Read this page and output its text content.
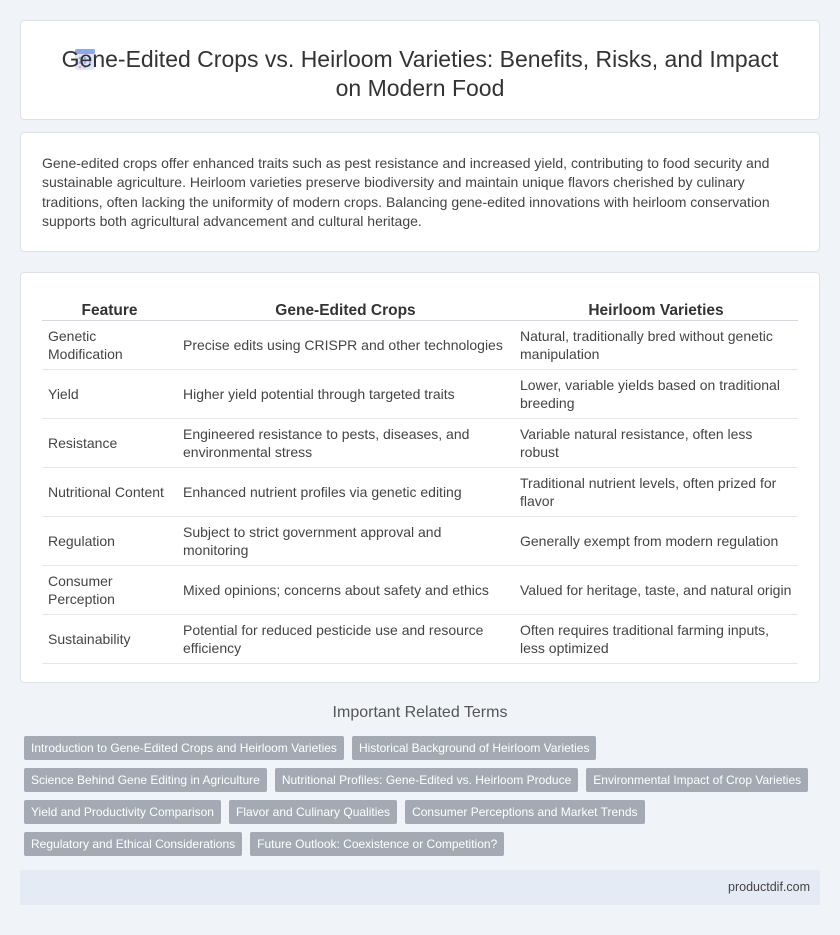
Gene-Edited Crops vs. Heirloom Varieties: Benefits, Risks, and Impact on Modern Food

Gene-edited crops offer enhanced traits such as pest resistance and increased yield, contributing to food security and sustainable agriculture. Heirloom varieties preserve biodiversity and maintain unique flavors cherished by culinary traditions, often lacking the uniformity of modern crops. Balancing gene-edited innovations with heirloom conservation supports both agricultural advancement and cultural heritage.

Feature	Gene-Edited Crops	Heirloom Varieties
Genetic Modification	Precise edits using CRISPR and other technologies	Natural, traditionally bred without genetic manipulation
Yield	Higher yield potential through targeted traits	Lower, variable yields based on traditional breeding
Resistance	Engineered resistance to pests, diseases, and environmental stress	Variable natural resistance, often less robust
Nutritional Content	Enhanced nutrient profiles via genetic editing	Traditional nutrient levels, often prized for flavor
Regulation	Subject to strict government approval and monitoring	Generally exempt from modern regulation
Consumer Perception	Mixed opinions; concerns about safety and ethics	Valued for heritage, taste, and natural origin
Sustainability	Potential for reduced pesticide use and resource efficiency	Often requires traditional farming inputs, less optimized
Important Related Terms
Introduction to Gene-Edited Crops and Heirloom Varieties	Historical Background of Heirloom Varieties
Science Behind Gene Editing in Agriculture	Nutritional Profiles: Gene-Edited vs. Heirloom Produce	Environmental Impact of Crop Varieties
Yield and Productivity Comparison	Flavor and Culinary Qualities	Consumer Perceptions and Market Trends
Regulatory and Ethical Considerations	Future Outlook: Coexistence or Competition?
productdif.com
